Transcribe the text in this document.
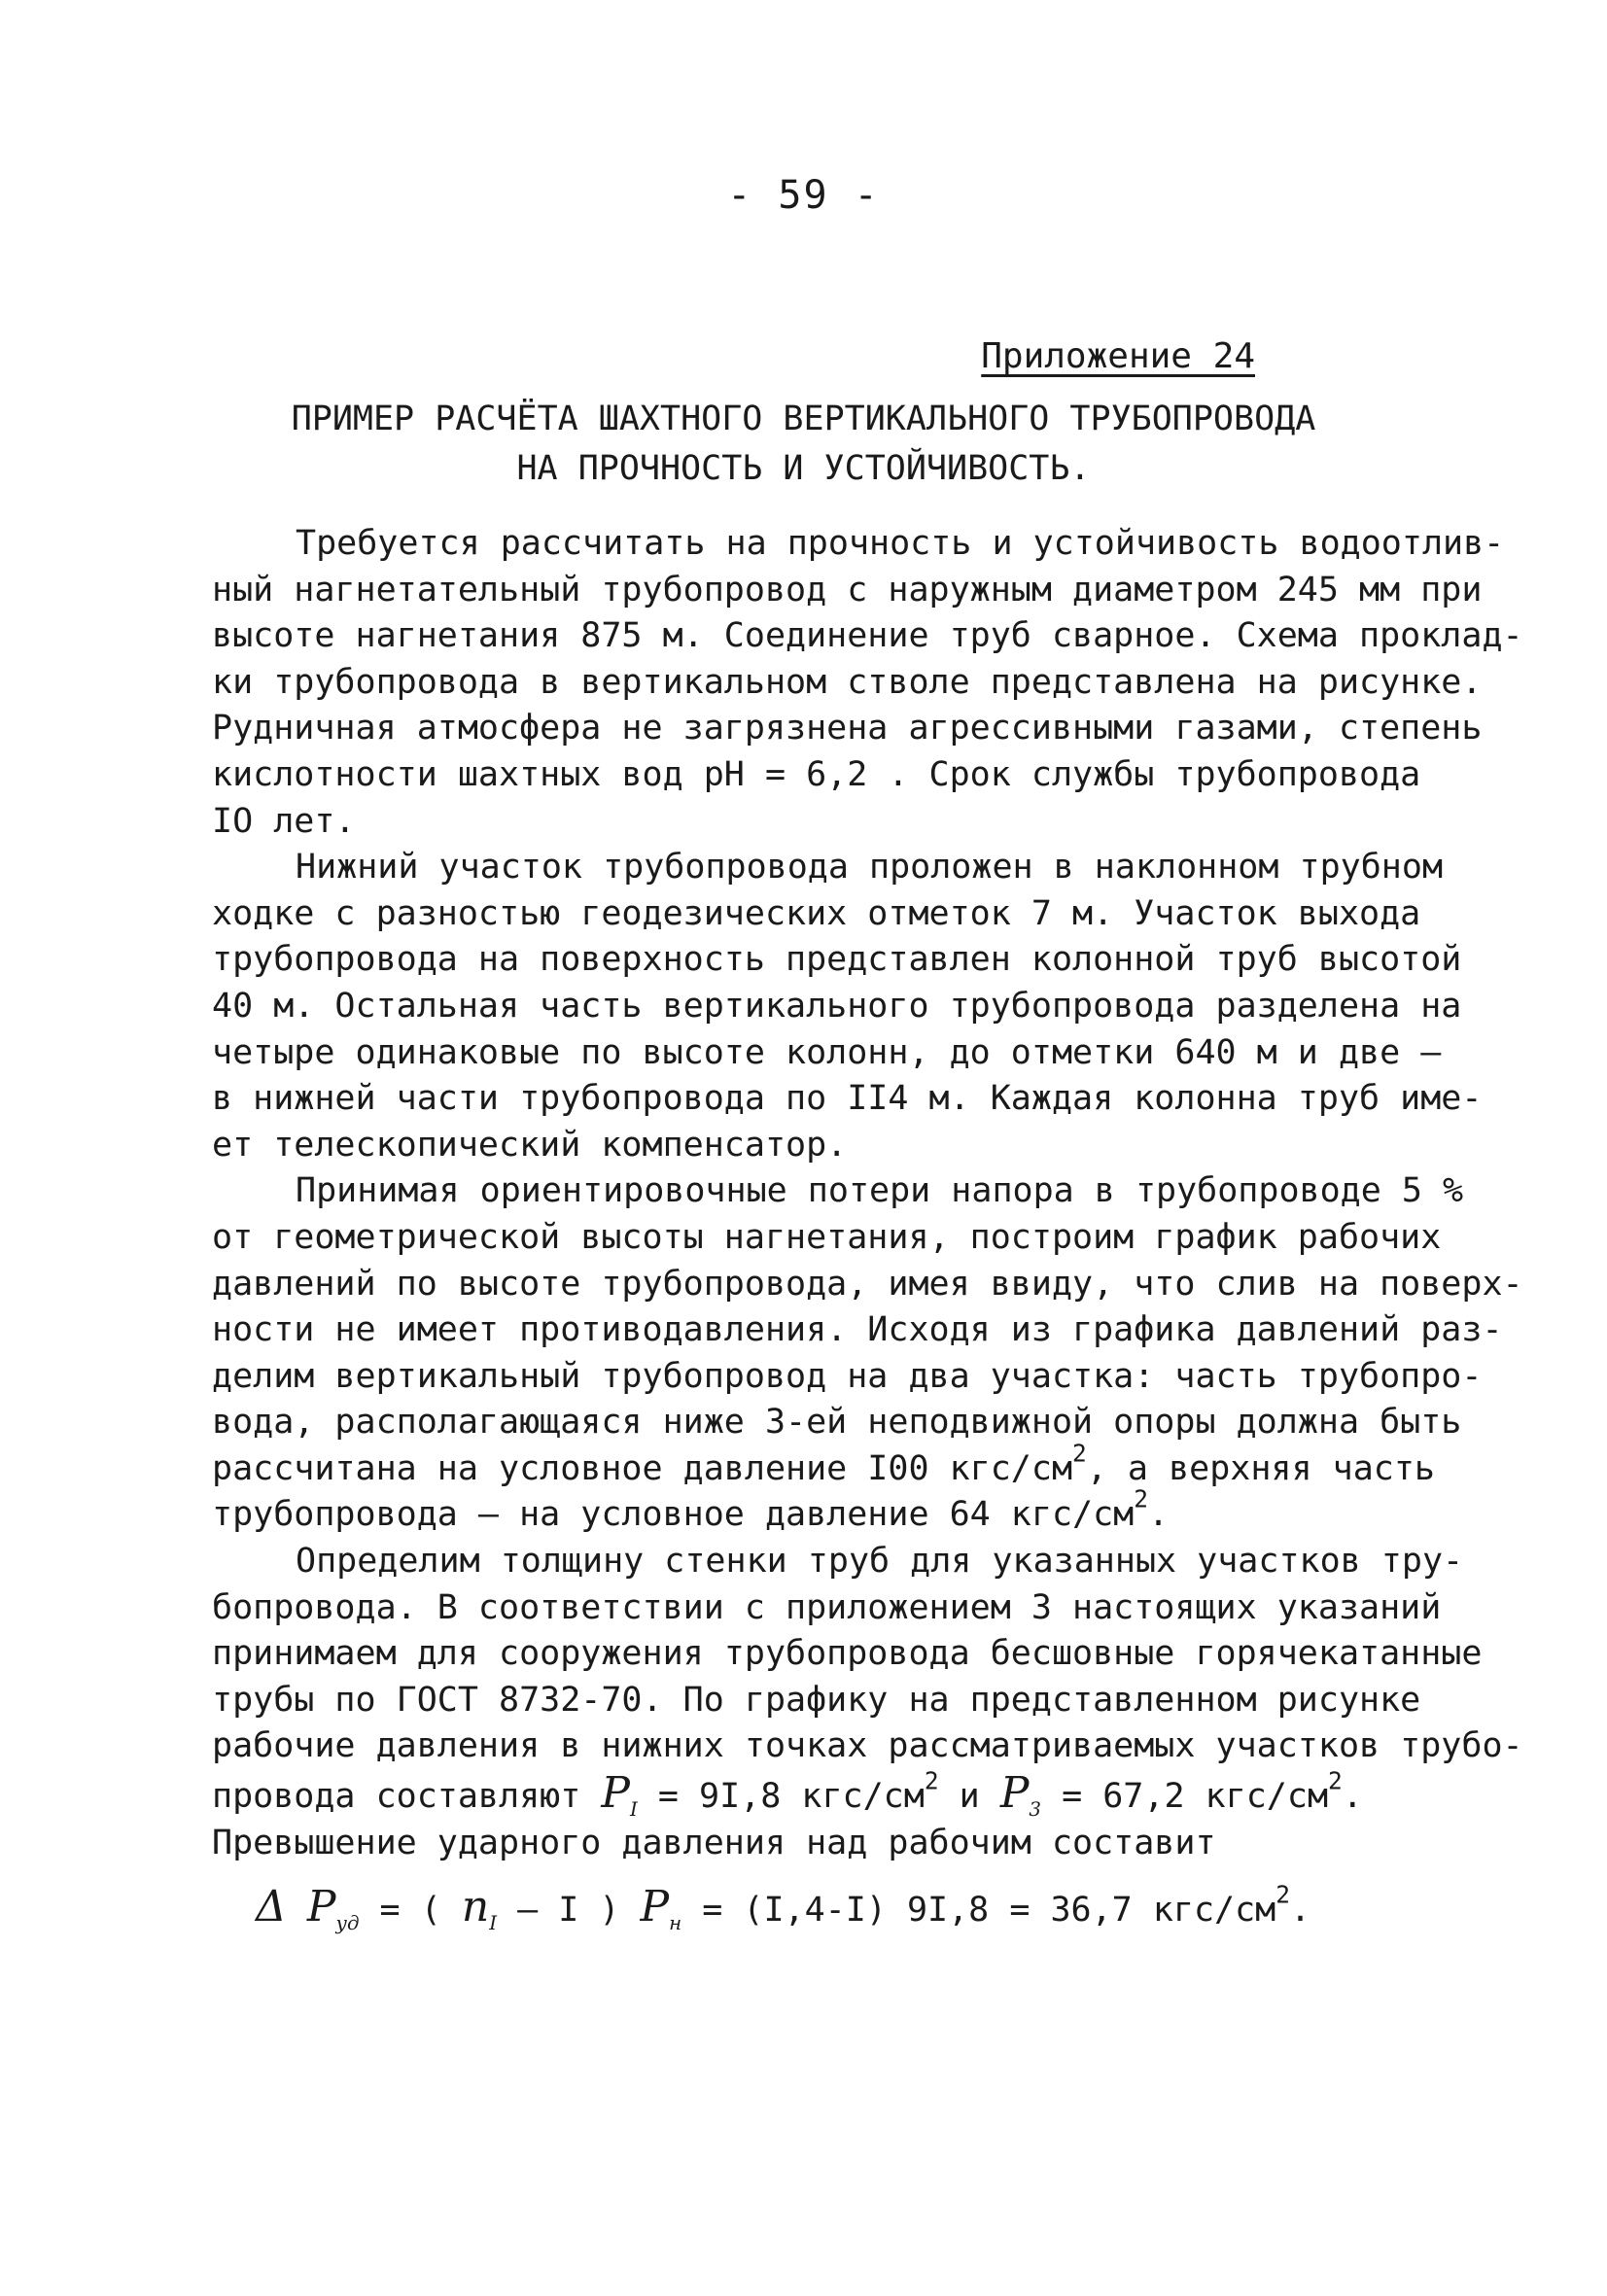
- 59 -
Приложение 24
ПРИМЕР РАСЧЁТА ШАХТНОГО ВЕРТИКАЛЬНОГО ТРУБОПРОВОДА
НА ПРОЧНОСТЬ И УСТОЙЧИВОСТЬ.
Требуется рассчитать на прочность и устойчивость водоотлив-
ный нагнетательный трубопровод с наружным диаметром 245 мм при
высоте нагнетания 875 м. Соединение труб сварное. Схема проклад-
ки трубопровода в вертикальном стволе представлена на рисунке.
Рудничная атмосфера не загрязнена агрессивными газами, степень
кислотности шахтных вод pH = 6,2 . Срок службы трубопровода
IO лет.
Нижний участок трубопровода проложен в наклонном трубном
ходке с разностью геодезических отметок 7 м. Участок выхода
трубопровода на поверхность представлен колонной труб высотой
40 м. Остальная часть вертикального трубопровода разделена на
четыре одинаковые по высоте колонн, до отметки 640 м и две –
в нижней части трубопровода по II4 м. Каждая колонна труб име-
ет телескопический компенсатор.
Принимая ориентировочные потери напора в трубопроводе 5 %
от геометрической высоты нагнетания, построим график рабочих
давлений по высоте трубопровода, имея ввиду, что слив на поверх-
ности не имеет противодавления. Исходя из графика давлений раз-
делим вертикальный трубопровод на два участка: часть трубопро-
вода, располагающаяся ниже 3-ей неподвижной опоры должна быть
рассчитана на условное давление I00 кгс/$см^2$, а верхняя часть
трубопровода – на условное давление 64 кгс/$см^2$.
Определим толщину стенки труб для указанных участков тру-
бопровода. В соответствии с приложением 3 настоящих указаний
принимаем для сооружения трубопровода бесшовные горячекатанные
трубы по ГОСТ 8732-70. По графику на представленном рисунке
рабочие давления в нижних точках рассматриваемых участков трубо-
провода составляют $P_I = 9I,8$ кгс/$см^2$ и $P_3 = 67,2$ кгс/$см^2$.
Превышение ударного давления над рабочим составит
Δ $P_{уд}$ = ( $n_I$ – I ) $P_н = (I,4-I) 9I,8 = 36,7$ кгс/$см^2$.
